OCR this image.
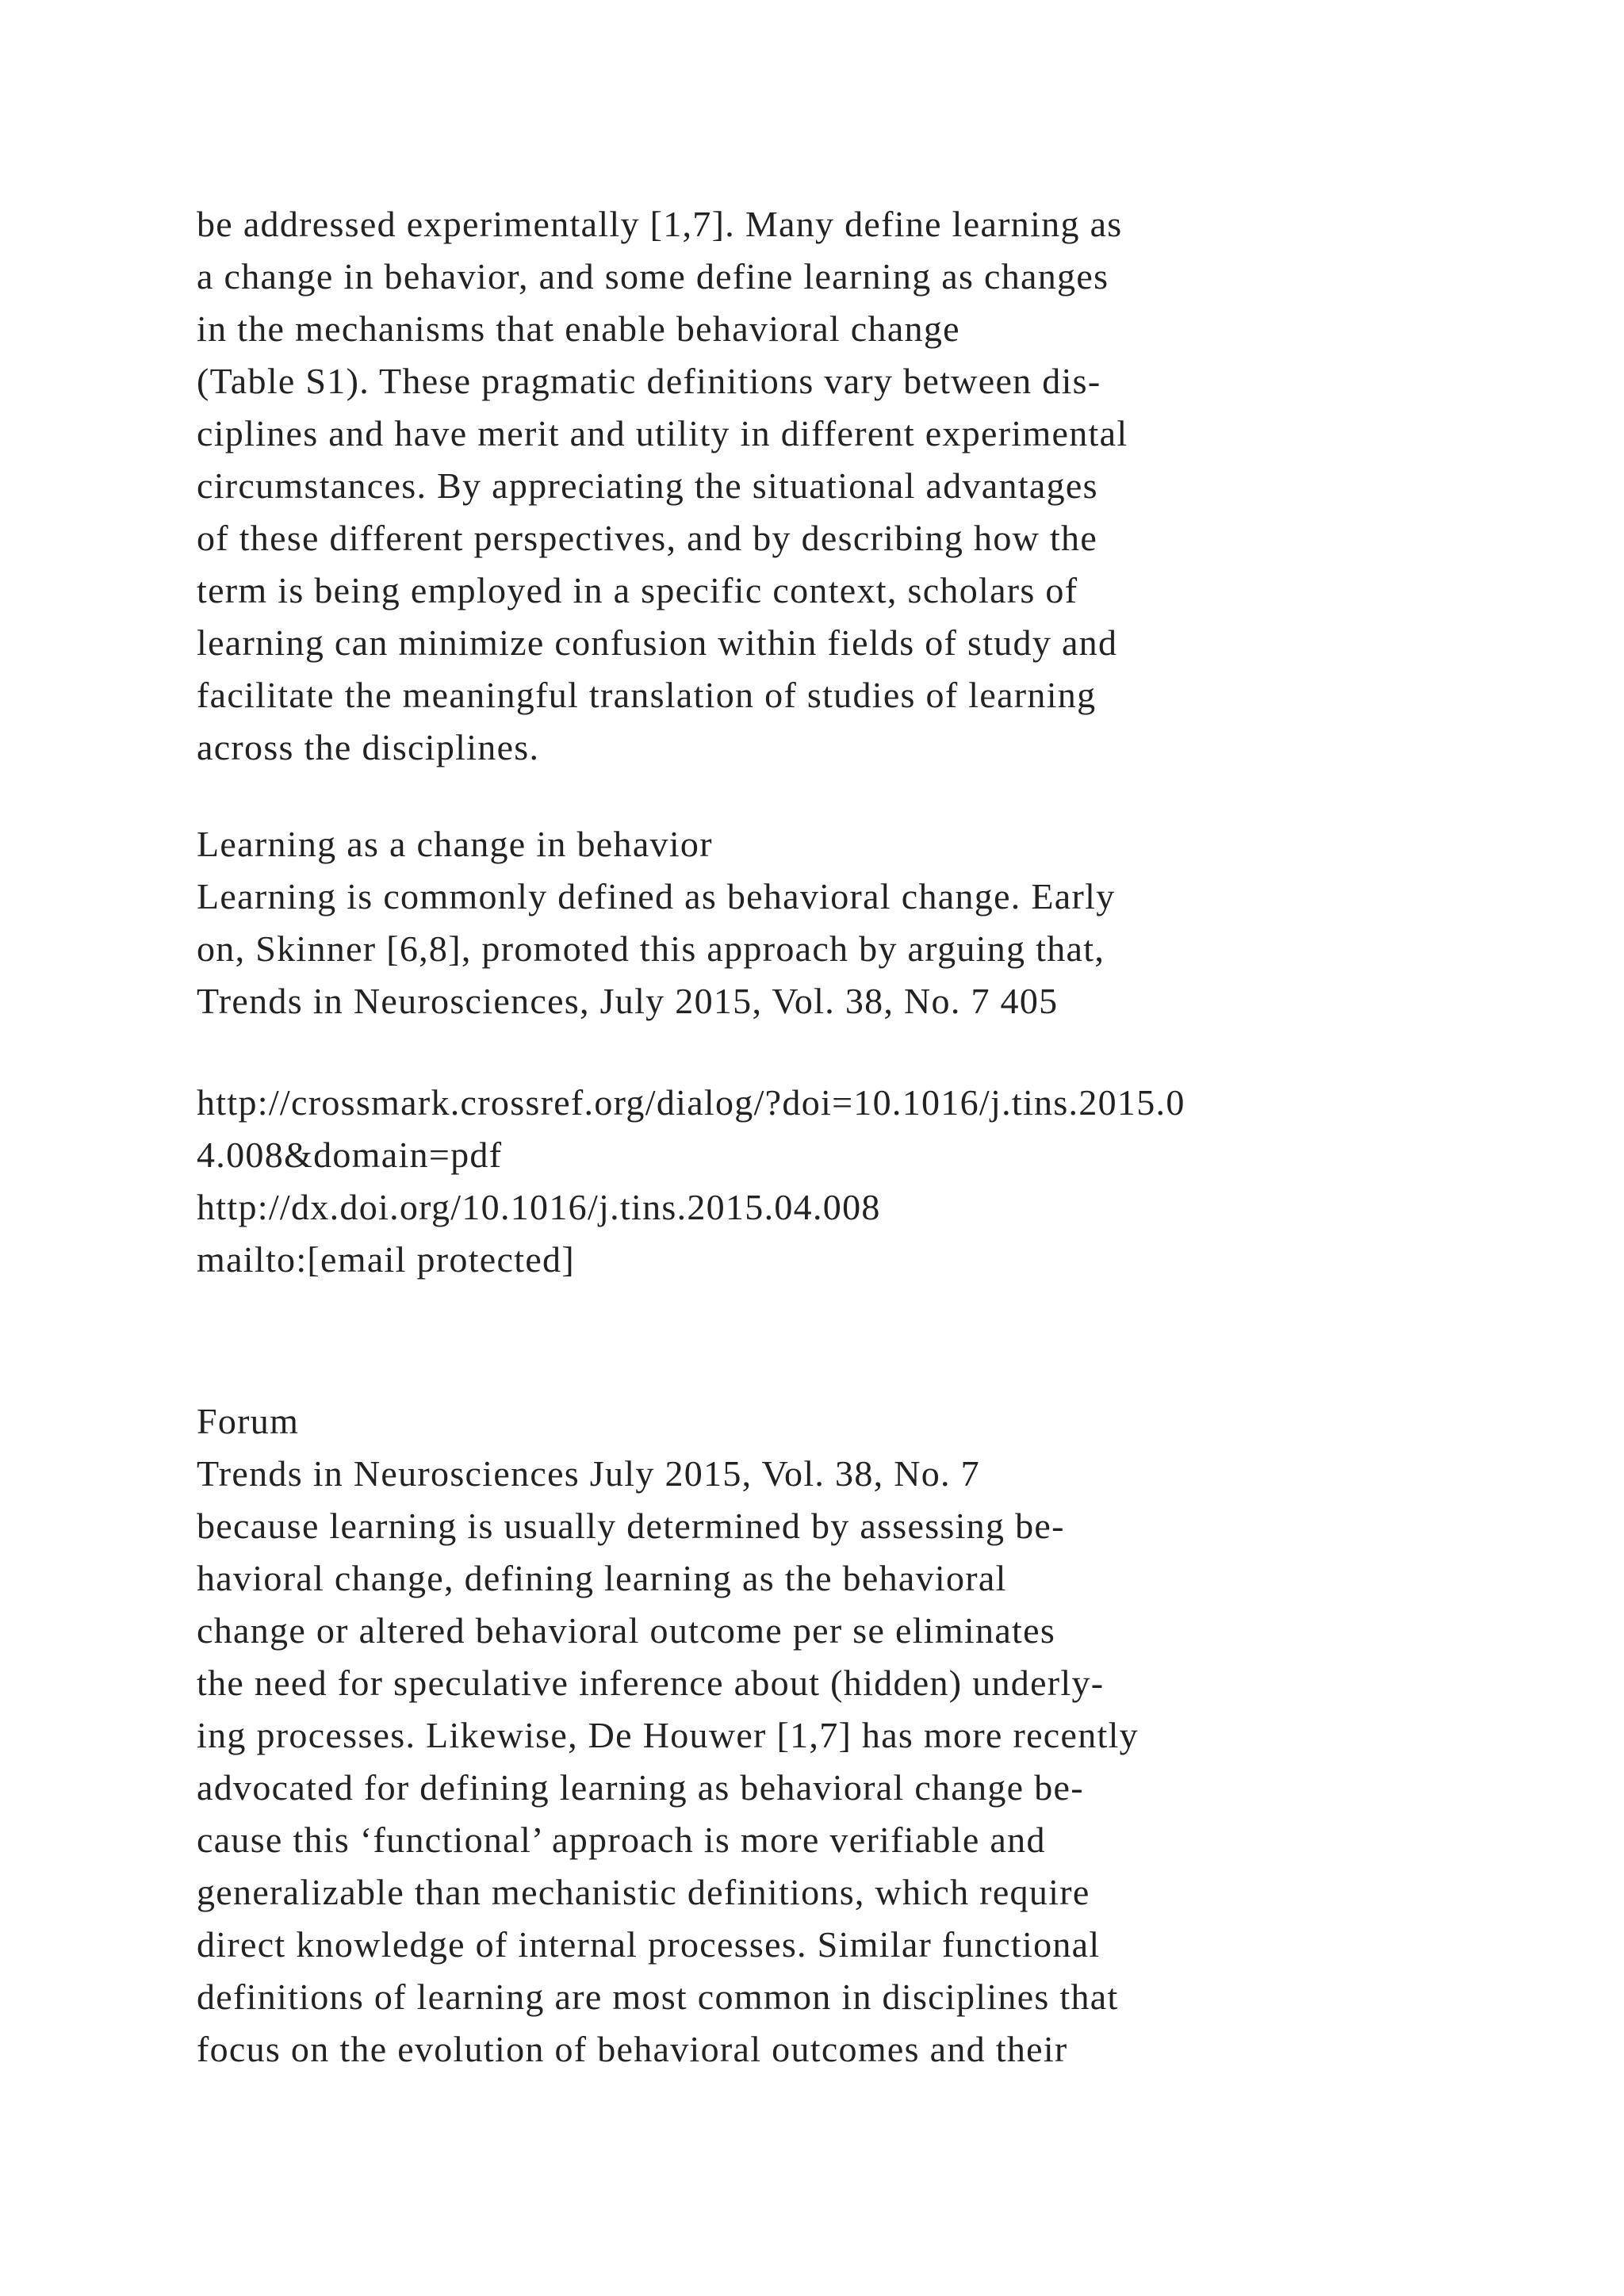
be addressed experimentally [1,7]. Many define learning as
a change in behavior, and some define learning as changes
in the mechanisms that enable behavioral change
(Table S1). These pragmatic definitions vary between dis-
ciplines and have merit and utility in different experimental
circumstances. By appreciating the situational advantages
of these different perspectives, and by describing how the
term is being employed in a specific context, scholars of
learning can minimize confusion within fields of study and
facilitate the meaningful translation of studies of learning
across the disciplines.
Learning as a change in behavior
Learning is commonly defined as behavioral change. Early
on, Skinner [6,8], promoted this approach by arguing that,
Trends in Neurosciences, July 2015, Vol. 38, No. 7 405
http://crossmark.crossref.org/dialog/?doi=10.1016/j.tins.2015.0
4.008&domain=pdf
http://dx.doi.org/10.1016/j.tins.2015.04.008
mailto:[email protected]
Forum
Trends in Neurosciences July 2015, Vol. 38, No. 7
because learning is usually determined by assessing be-
havioral change, defining learning as the behavioral
change or altered behavioral outcome per se eliminates
the need for speculative inference about (hidden) underly-
ing processes. Likewise, De Houwer [1,7] has more recently
advocated for defining learning as behavioral change be-
cause this ‘functional’ approach is more verifiable and
generalizable than mechanistic definitions, which require
direct knowledge of internal processes. Similar functional
definitions of learning are most common in disciplines that
focus on the evolution of behavioral outcomes and their
